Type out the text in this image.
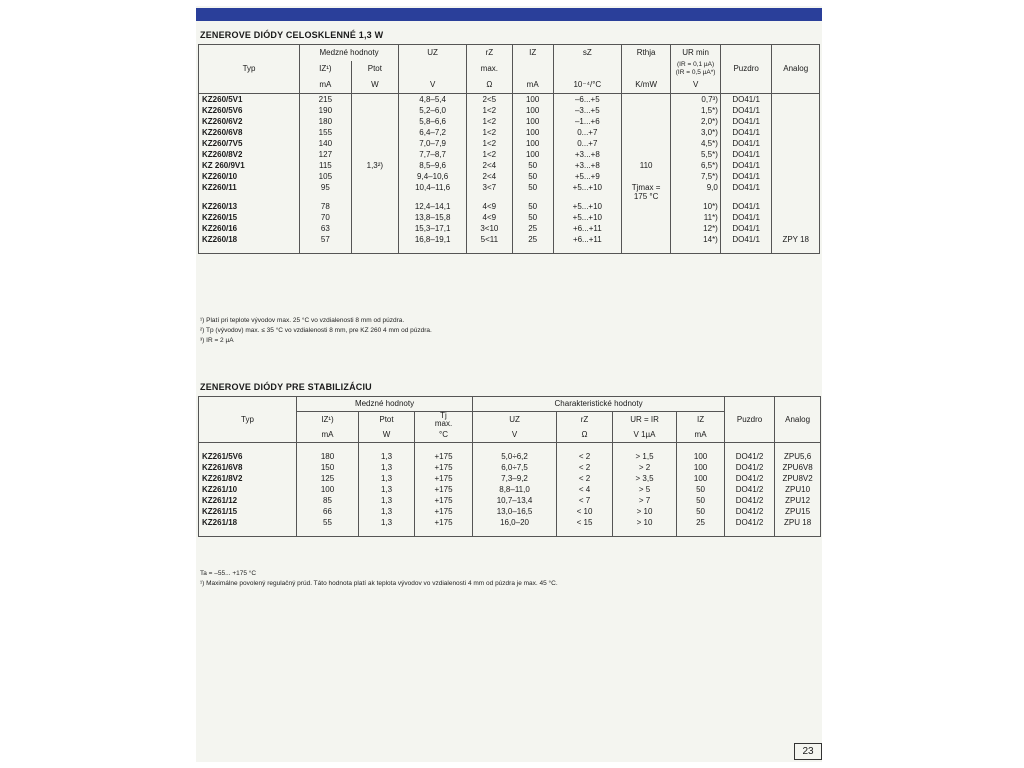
ZENEROVE DIÓDY CELOSKLENNÉ 1,3 W
Typ	Medzné hodnoty		UZ	rZ	IZ	sZ	Rthja	UR min	Puzdro	Analog
	IZ¹)	Ptot		max.				(IR = 0,1 µA)
(IR = 0,5 µA*)		

	mA	W	V	Ω	mA	10⁻⁴/°C	K/mW	V		
KZ260/5V1	215		4,8–5,4	2<5	100	–6...+5		0,7³)	DO41/1	
KZ260/5V6	190		5,2–6,0	1<2	100	–3...+5		1,5*)	DO41/1	
KZ260/6V2	180		5,8–6,6	1<2	100	–1...+6		2,0*)	DO41/1	
KZ260/6V8	155		6,4–7,2	1<2	100	0...+7		3,0*)	DO41/1	
KZ260/7V5	140		7,0–7,9	1<2	100	0...+7		4,5*)	DO41/1	
KZ260/8V2	127		7,7–8,7	1<2	100	+3...+8		5,5*)	DO41/1	
KZ 260/9V1	115	1,3²)	8,5–9,6	2<4	50	+3...+8	110	6,5*)	DO41/1	
KZ260/10	105		9,4–10,6	2<4	50	+5...+9		7,5*)	DO41/1	
KZ260/11	95		10,4–11,6	3<7	50	+5...+10	Tjmax =	9,0	DO41/1	
							175 °C			
KZ260/13	78		12,4–14,1	4<9	50	+5...+10		10*)	DO41/1	
KZ260/15	70		13,8–15,8	4<9	50	+5...+10		11*)	DO41/1	
KZ260/16	63		15,3–17,1	3<10	25	+6...+11		12*)	DO41/1	
KZ260/18	57		16,8–19,1	5<11	25	+6...+11		14*)	DO41/1	ZPY 18

¹) Platí pri teplote vývodov max. 25 °C vo vzdialenosti 8 mm od púzdra.
²) Tp (vývodov) max. ≤ 35 °C vo vzdialenosti 8 mm, pre KZ 260 4 mm od púzdra.
³) IR = 2 µA
ZENEROVE DIÓDY PRE STABILIZÁCIU
Typ	Medzné hodnoty			Charakteristické hodnoty				Puzdro	Analog
	IZ¹)	Ptot	Tj
max.	UZ	rZ	UR = IR	IZ		
	mA	W	°C	V	Ω	V 1µA	mA		

KZ261/5V6	180	1,3	+175	5,0÷6,2	< 2	> 1,5	100	DO41/2	ZPU5,6
KZ261/6V8	150	1,3	+175	6,0÷7,5	< 2	> 2	100	DO41/2	ZPU6V8
KZ261/8V2	125	1,3	+175	7,3–9,2	< 2	> 3,5	100	DO41/2	ZPU8V2
KZ261/10	100	1,3	+175	8,8–11,0	< 4	> 5	50	DO41/2	ZPU10
KZ261/12	85	1,3	+175	10,7–13,4	< 7	> 7	50	DO41/2	ZPU12
KZ261/15	66	1,3	+175	13,0–16,5	< 10	> 10	50	DO41/2	ZPU15
KZ261/18	55	1,3	+175	16,0–20	< 15	> 10	25	DO41/2	ZPU 18

Ta = –55... +175 °C
¹) Maximálne povolený regulačný prúd. Táto hodnota platí ak teplota vývodov vo vzdialenosti 4 mm od púzdra je max. 45 °C.
23
